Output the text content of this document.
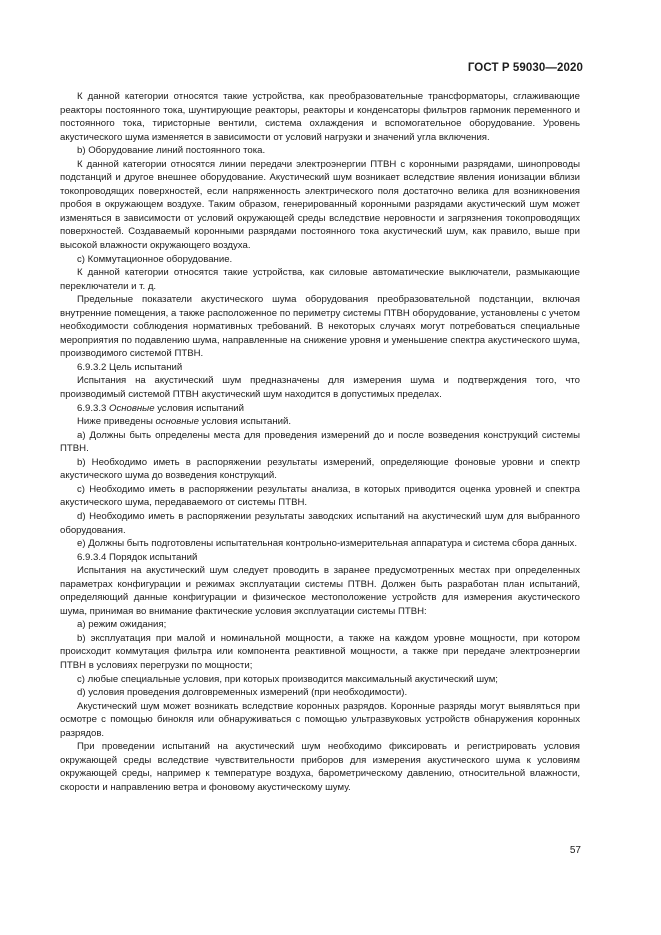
ГОСТ Р 59030—2020

К данной категории относятся такие устройства, как преобразовательные трансформаторы, сглаживающие реакторы постоянного тока, шунтирующие реакторы, реакторы и конденсаторы фильтров гармоник переменного и постоянного тока, тиристорные вентили, система охлаждения и вспомогательное оборудование. Уровень акустического шума изменяется в зависимости от условий нагрузки и значений угла включения.

b) Оборудование линий постоянного тока.

К данной категории относятся линии передачи электроэнергии ПТВН с коронными разрядами, шинопроводы подстанций и другое внешнее оборудование. Акустический шум возникает вследствие явления ионизации вблизи токопроводящих поверхностей, если напряженность электрического поля достаточно велика для возникновения пробоя в окружающем воздухе. Таким образом, генерированный коронными разрядами акустический шум может изменяться в зависимости от условий окружающей среды вследствие неровности и загрязнения токопроводящих поверхностей. Создаваемый коронными разрядами постоянного тока акустический шум, как правило, выше при высокой влажности окружающего воздуха.

c) Коммутационное оборудование.

К данной категории относятся такие устройства, как силовые автоматические выключатели, размыкающие переключатели и т. д.

Предельные показатели акустического шума оборудования преобразовательной подстанции, включая внутренние помещения, а также расположенное по периметру системы ПТВН оборудование, установлены с учетом необходимости соблюдения нормативных требований. В некоторых случаях могут потребоваться специальные мероприятия по подавлению шума, направленные на снижение уровня и уменьшение спектра акустического шума, производимого системой ПТВН.

6.9.3.2 Цель испытаний

Испытания на акустический шум предназначены для измерения шума и подтверждения того, что производимый системой ПТВН акустический шум находится в допустимых пределах.

6.9.3.3 Основные условия испытаний

Ниже приведены основные условия испытаний.

a) Должны быть определены места для проведения измерений до и после возведения конструкций системы ПТВН.

b) Необходимо иметь в распоряжении результаты измерений, определяющие фоновые уровни и спектр акустического шума до возведения конструкций.

c) Необходимо иметь в распоряжении результаты анализа, в которых приводится оценка уровней и спектра акустического шума, передаваемого от системы ПТВН.

d) Необходимо иметь в распоряжении результаты заводских испытаний на акустический шум для выбранного оборудования.

e) Должны быть подготовлены испытательная контрольно-измерительная аппаратура и система сбора данных.

6.9.3.4 Порядок испытаний

Испытания на акустический шум следует проводить в заранее предусмотренных местах при определенных параметрах конфигурации и режимах эксплуатации системы ПТВН. Должен быть разработан план испытаний, определяющий данные конфигурации и физическое местоположение устройств для измерения акустического шума, принимая во внимание фактические условия эксплуатации системы ПТВН:

a) режим ожидания;

b) эксплуатация при малой и номинальной мощности, а также на каждом уровне мощности, при котором происходит коммутация фильтра или компонента реактивной мощности, а также при передаче электроэнергии ПТВН в условиях перегрузки по мощности;

c) любые специальные условия, при которых производится максимальный акустический шум;

d) условия проведения долговременных измерений (при необходимости).

Акустический шум может возникать вследствие коронных разрядов. Коронные разряды могут выявляться при осмотре с помощью бинокля или обнаруживаться с помощью ультразвуковых устройств обнаружения коронных разрядов.

При проведении испытаний на акустический шум необходимо фиксировать и регистрировать условия окружающей среды вследствие чувствительности приборов для измерения акустического шума к условиям окружающей среды, например к температуре воздуха, барометрическому давлению, относительной влажности, скорости и направлению ветра и фоновому акустическому шуму.

57
